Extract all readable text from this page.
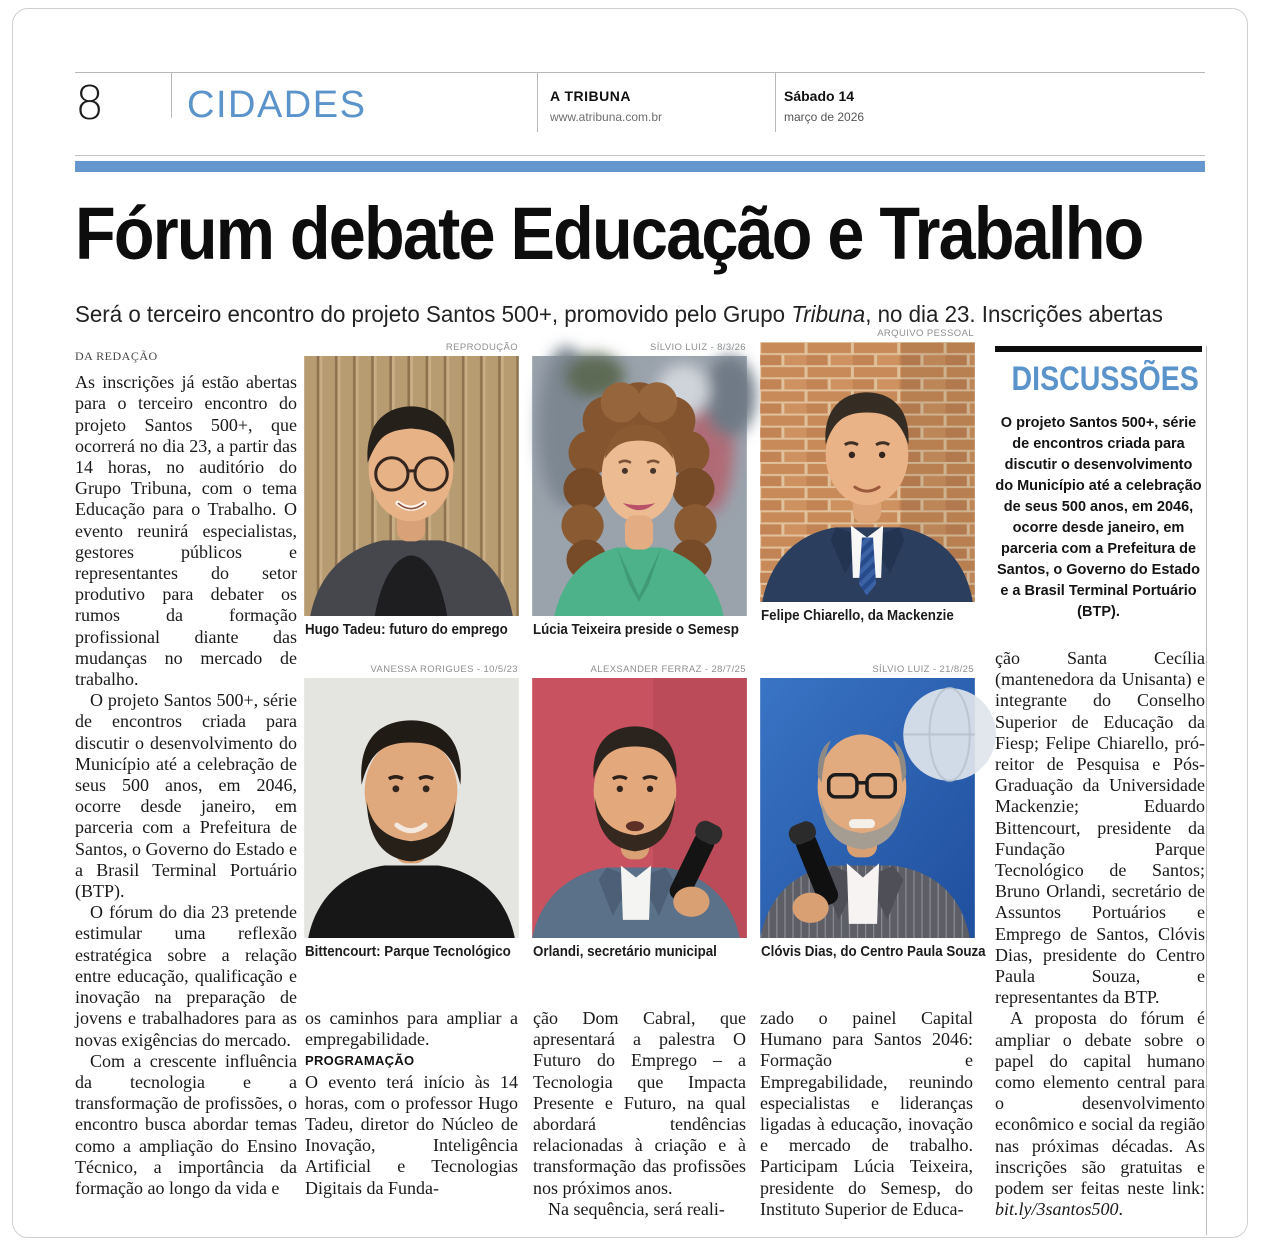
8 CIDADES	A TRIBUNA
www.atribuna.com.br
Sábado 14
março de 2026
Fórum debate Educação e Trabalho
Será o terceiro encontro do projeto Santos 500+, promovido pelo Grupo Tribuna, no dia 23. Inscrições abertas
DA REDAÇÃO

As inscrições já estão abertas para o terceiro encontro do projeto Santos 500+, que ocorrerá no dia 23, a partir das 14 horas, no auditório do Grupo Tribuna, com o tema Educação para o Trabalho. O evento reunirá especialistas, gestores públicos e representantes do setor produtivo para debater os rumos da formação profissional diante das mudanças no mercado de trabalho.

O projeto Santos 500+, série de encontros criada para discutir o desenvolvimento do Município até a celebração de seus 500 anos, em 2046, ocorre desde janeiro, em parceria com a Prefeitura de Santos, o Governo do Estado e a Brasil Terminal Portuário (BTP).

O fórum do dia 23 pretende estimular uma reflexão estratégica sobre a relação entre educação, qualificação e inovação na preparação de jovens e trabalhadores para as novas exigências do mercado.

Com a crescente influência da tecnologia e a transformação de profissões, o encontro busca abordar temas como a ampliação do Ensino Técnico, a importância da formação ao longo da vida e

REPRODUÇÃO
Hugo Tadeu: futuro do emprego
SÍLVIO LUIZ - 8/3/26
Lúcia Teixeira preside o Semesp
ARQUIVO PESSOAL
Felipe Chiarello, da Mackenzie
VANESSA RORIGUES - 10/5/23
Bittencourt: Parque Tecnológico
ALEXSANDER FERRAZ - 28/7/25
Orlandi, secretário municipal
SÍLVIO LUIZ - 21/8/25
Clóvis Dias, do Centro Paula Souza

os caminhos para ampliar a empregabilidade.

PROGRAMAÇÃO

O evento terá início às 14 horas, com o professor Hugo Tadeu, diretor do Núcleo de Inovação, Inteligência Artificial e Tecnologias Digitais da Funda-

ção Dom Cabral, que apresentará a palestra O Futuro do Emprego – a Tecnologia que Impacta Presente e Futuro, na qual abordará tendências relacionadas à criação e à transformação das profissões nos próximos anos.

Na sequência, será reali-

zado o painel Capital Humano para Santos 2046: Formação e Empregabilidade, reunindo especialistas e lideranças ligadas à educação, inovação e mercado de trabalho. Participam Lúcia Teixeira, presidente do Semesp, do Instituto Superior de Educa-

DISCUSSÕES
O projeto Santos 500+, série de encontros criada para discutir o desenvolvimento do Município até a celebração de seus 500 anos, em 2046, ocorre desde janeiro, em parceria com a Prefeitura de Santos, o Governo do Estado e a Brasil Terminal Portuário (BTP).

ção Santa Cecília (mantenedora da Unisanta) e integrante do Conselho Superior de Educação da Fiesp; Felipe Chiarello, pró-reitor de Pesquisa e Pós-Graduação da Universidade Mackenzie; Eduardo Bittencourt, presidente da Fundação Parque Tecnológico de Santos; Bruno Orlandi, secretário de Assuntos Portuários e Emprego de Santos, Clóvis Dias, presidente do Centro Paula Souza, e representantes da BTP.

A proposta do fórum é ampliar o debate sobre o papel do capital humano como elemento central para o desenvolvimento econômico e social da região nas próximas décadas. As inscrições são gratuitas e podem ser feitas neste link: bit.ly/3santos500.
